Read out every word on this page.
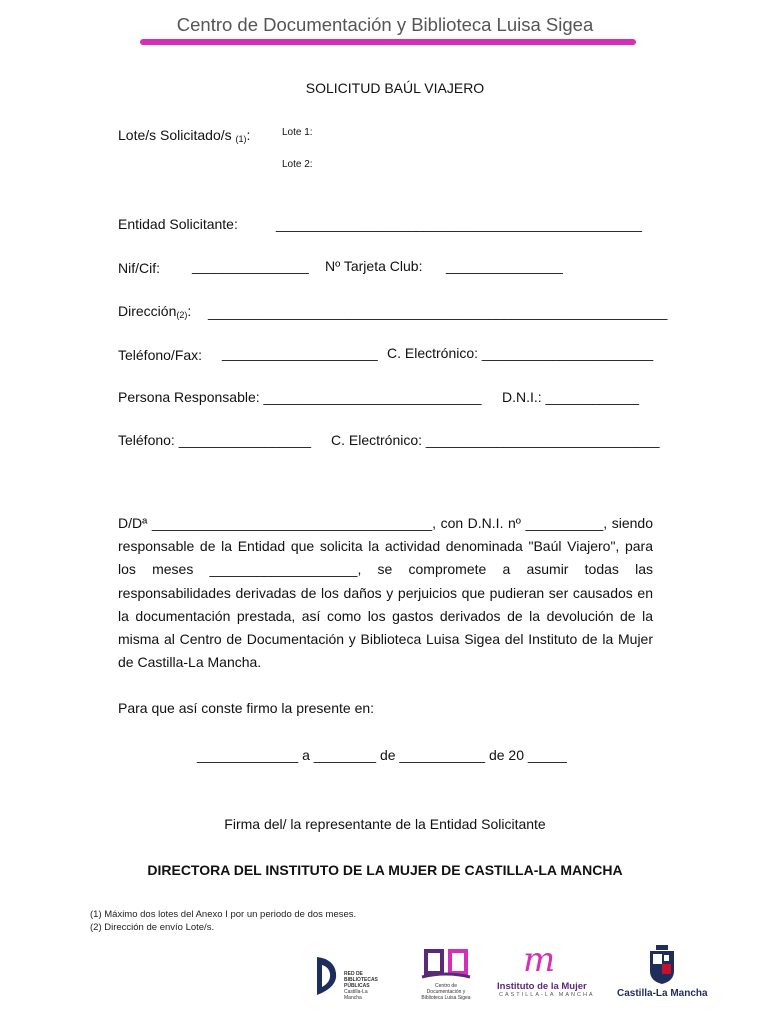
Centro de Documentación y Biblioteca Luisa Sigea
SOLICITUD BAÚL VIAJERO
Lote/s Solicitado/s $_{(1)}$:	Lote 1:
Lote 2:
Entidad Solicitante:	_______________________________________________
Nif/Cif: _______________ Nº Tarjeta Club: _______________
Dirección$_{(2)}$: ___________________________________________________________
Teléfono/Fax: ____________________ C. Electrónico: ______________________
Persona Responsable: ____________________________ D.N.I.: ____________
Teléfono: _________________ C. Electrónico: ______________________________
D/Dª ____________________________________, con D.N.I. nº __________, siendo
responsable de la Entidad que solicita la actividad denominada "Baúl Viajero", para los meses ___________________, se compromete a asumir todas las responsabilidades derivadas de los daños y perjuicios que pudieran ser causados en la documentación prestada, así como los gastos derivados de la devolución de la misma al Centro de Documentación y Biblioteca Luisa Sigea del Instituto de la Mujer de Castilla-La Mancha.
Para que así conste firmo la presente en:
_____________ a ________ de ___________ de 20 _____
Firma del/ la representante de la Entidad Solicitante
DIRECTORA DEL INSTITUTO DE LA MUJER DE CASTILLA-LA MANCHA
(1) Máximo dos lotes del Anexo I por un periodo de dos meses.
(2) Dirección de envío Lote/s.
RED DE BIBLIOTECAS PÚBLICAS
Castilla-La Mancha
Centro de Documentación y Biblioteca Luisa Sigea
m
Instituto de la Mujer
CASTILLA-LA MANCHA Castilla-La Mancha
